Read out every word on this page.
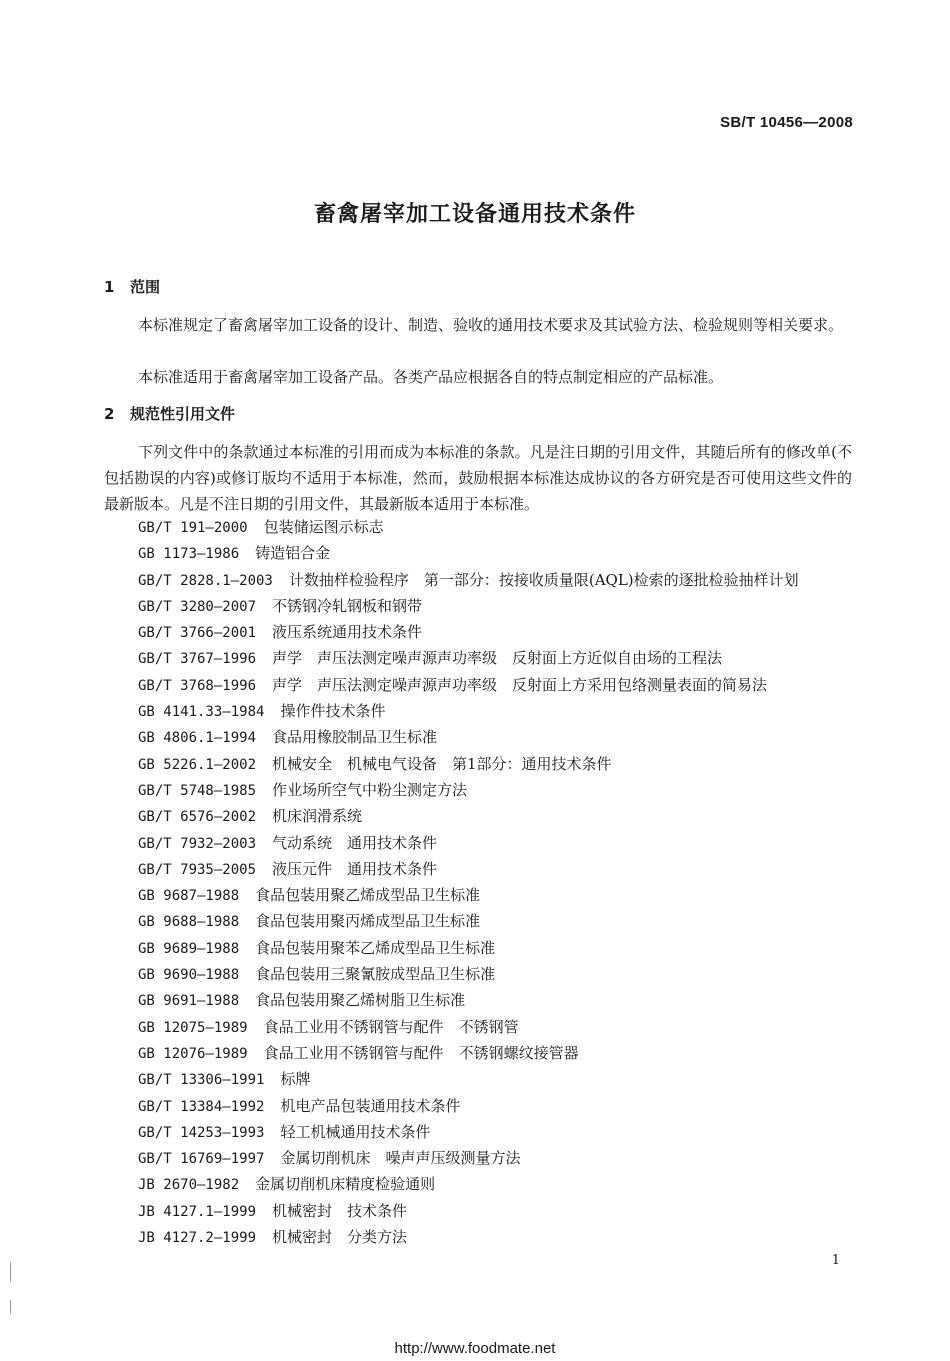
SB/T 10456—2008
畜禽屠宰加工设备通用技术条件
1 范围
本标准规定了畜禽屠宰加工设备的设计、制造、验收的通用技术要求及其试验方法、检验规则等相关要求。
本标准适用于畜禽屠宰加工设备产品。各类产品应根据各自的特点制定相应的产品标准。
2 规范性引用文件
下列文件中的条款通过本标准的引用而成为本标准的条款。凡是注日期的引用文件，其随后所有的修改单(不包括勘误的内容)或修订版均不适用于本标准，然而，鼓励根据本标准达成协议的各方研究是否可使用这些文件的最新版本。凡是不注日期的引用文件，其最新版本适用于本标准。
GB/T 191—2000 包装储运图示标志
GB 1173—1986 铸造铝合金
GB/T 2828.1—2003 计数抽样检验程序　第一部分：按接收质量限(AQL)检索的逐批检验抽样计划
GB/T 3280—2007 不锈钢冷轧钢板和钢带
GB/T 3766—2001 液压系统通用技术条件
GB/T 3767—1996 声学　声压法测定噪声源声功率级　反射面上方近似自由场的工程法
GB/T 3768—1996 声学　声压法测定噪声源声功率级　反射面上方采用包络测量表面的简易法
GB 4141.33—1984 操作件技术条件
GB 4806.1—1994 食品用橡胶制品卫生标准
GB 5226.1—2002 机械安全　机械电气设备　第1部分：通用技术条件
GB/T 5748—1985 作业场所空气中粉尘测定方法
GB/T 6576—2002 机床润滑系统
GB/T 7932—2003 气动系统　通用技术条件
GB/T 7935—2005 液压元件　通用技术条件
GB 9687—1988 食品包装用聚乙烯成型品卫生标准
GB 9688—1988 食品包装用聚丙烯成型品卫生标准
GB 9689—1988 食品包装用聚苯乙烯成型品卫生标准
GB 9690—1988 食品包装用三聚氰胺成型品卫生标准
GB 9691—1988 食品包装用聚乙烯树脂卫生标准
GB 12075—1989 食品工业用不锈钢管与配件　不锈钢管
GB 12076—1989 食品工业用不锈钢管与配件　不锈钢螺纹接管器
GB/T 13306—1991 标牌
GB/T 13384—1992 机电产品包装通用技术条件
GB/T 14253—1993 轻工机械通用技术条件
GB/T 16769—1997 金属切削机床　噪声声压级测量方法
JB 2670—1982 金属切削机床精度检验通则
JB 4127.1—1999 机械密封　技术条件
JB 4127.2—1999 机械密封　分类方法
1
http://www.foodmate.net
